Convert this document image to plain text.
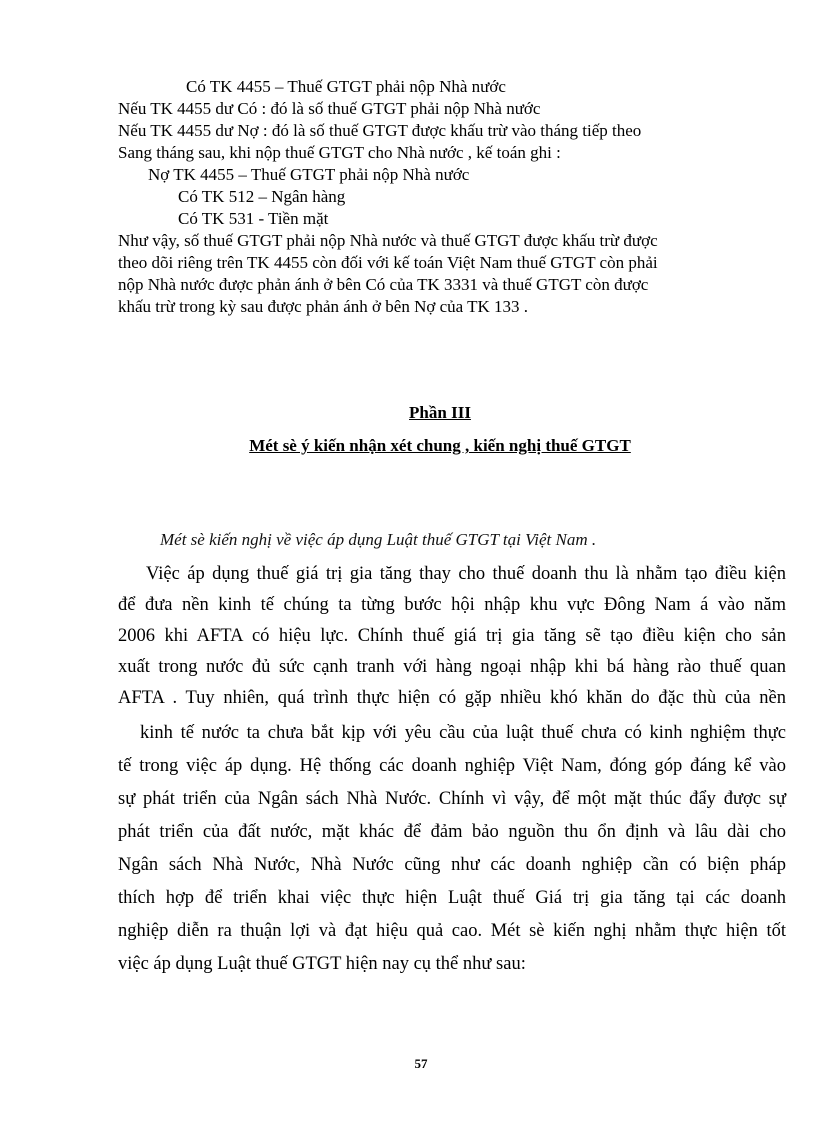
Có TK 4455 – Thuế GTGT phải nộp Nhà nước
Nếu TK 4455 dư Có : đó là số thuế GTGT phải nộp Nhà nước
Nếu TK 4455 dư Nợ : đó là số thuế GTGT được khấu trừ vào tháng tiếp theo
Sang tháng sau, khi nộp thuế GTGT cho Nhà nước , kế toán ghi :
Nợ TK 4455 – Thuế GTGT phải nộp Nhà nước
Có TK 512 – Ngân hàng
Có TK 531 - Tiền mặt
Như vậy, số thuế GTGT phải nộp Nhà nước và thuế GTGT được khấu trừ được
theo dõi riêng trên TK 4455 còn đối với kế toán Việt Nam thuế GTGT còn phải
nộp Nhà nước được phản ánh ở bên Có của TK 3331 và thuế GTGT còn được
khấu trừ trong kỳ sau được phản ánh ở bên Nợ của TK 133 .
Phần III
Mét sè ý kiến nhận xét chung , kiến nghị thuế GTGT
Mét sè kiến nghị về việc áp dụng Luật thuế GTGT tại Việt Nam .
Việc áp dụng thuế giá trị gia tăng thay cho thuế doanh thu là nhằm tạo điều kiện
để đưa nền kinh tế chúng ta từng bước hội nhập khu vực Đông Nam á vào năm
2006 khi AFTA có hiệu lực. Chính thuế giá trị gia tăng sẽ tạo điều kiện cho sản
xuất trong nước đủ sức cạnh tranh với hàng ngoại nhập khi bá hàng rào thuế quan
AFTA . Tuy nhiên, quá trình thực hiện có gặp nhiều khó khăn do đặc thù của nền
kinh tế nước ta chưa bắt kịp với yêu cầu của luật thuế chưa có kinh nghiệm thực
tế trong việc áp dụng. Hệ thống các doanh nghiệp Việt Nam, đóng góp đáng kể vào
sự phát triển của Ngân sách Nhà Nước. Chính vì vậy, để một mặt thúc đẩy được sự
phát triển của đất nước, mặt khác để đảm bảo nguồn thu ổn định và lâu dài cho
Ngân sách Nhà Nước, Nhà Nước cũng như các doanh nghiệp cần có biện pháp
thích hợp để triển khai việc thực hiện Luật thuế Giá trị gia tăng tại các doanh
nghiệp diễn ra thuận lợi và đạt hiệu quả cao. Mét sè kiến nghị nhằm thực hiện tốt
việc áp dụng Luật thuế GTGT hiện nay cụ thể như sau:
57
